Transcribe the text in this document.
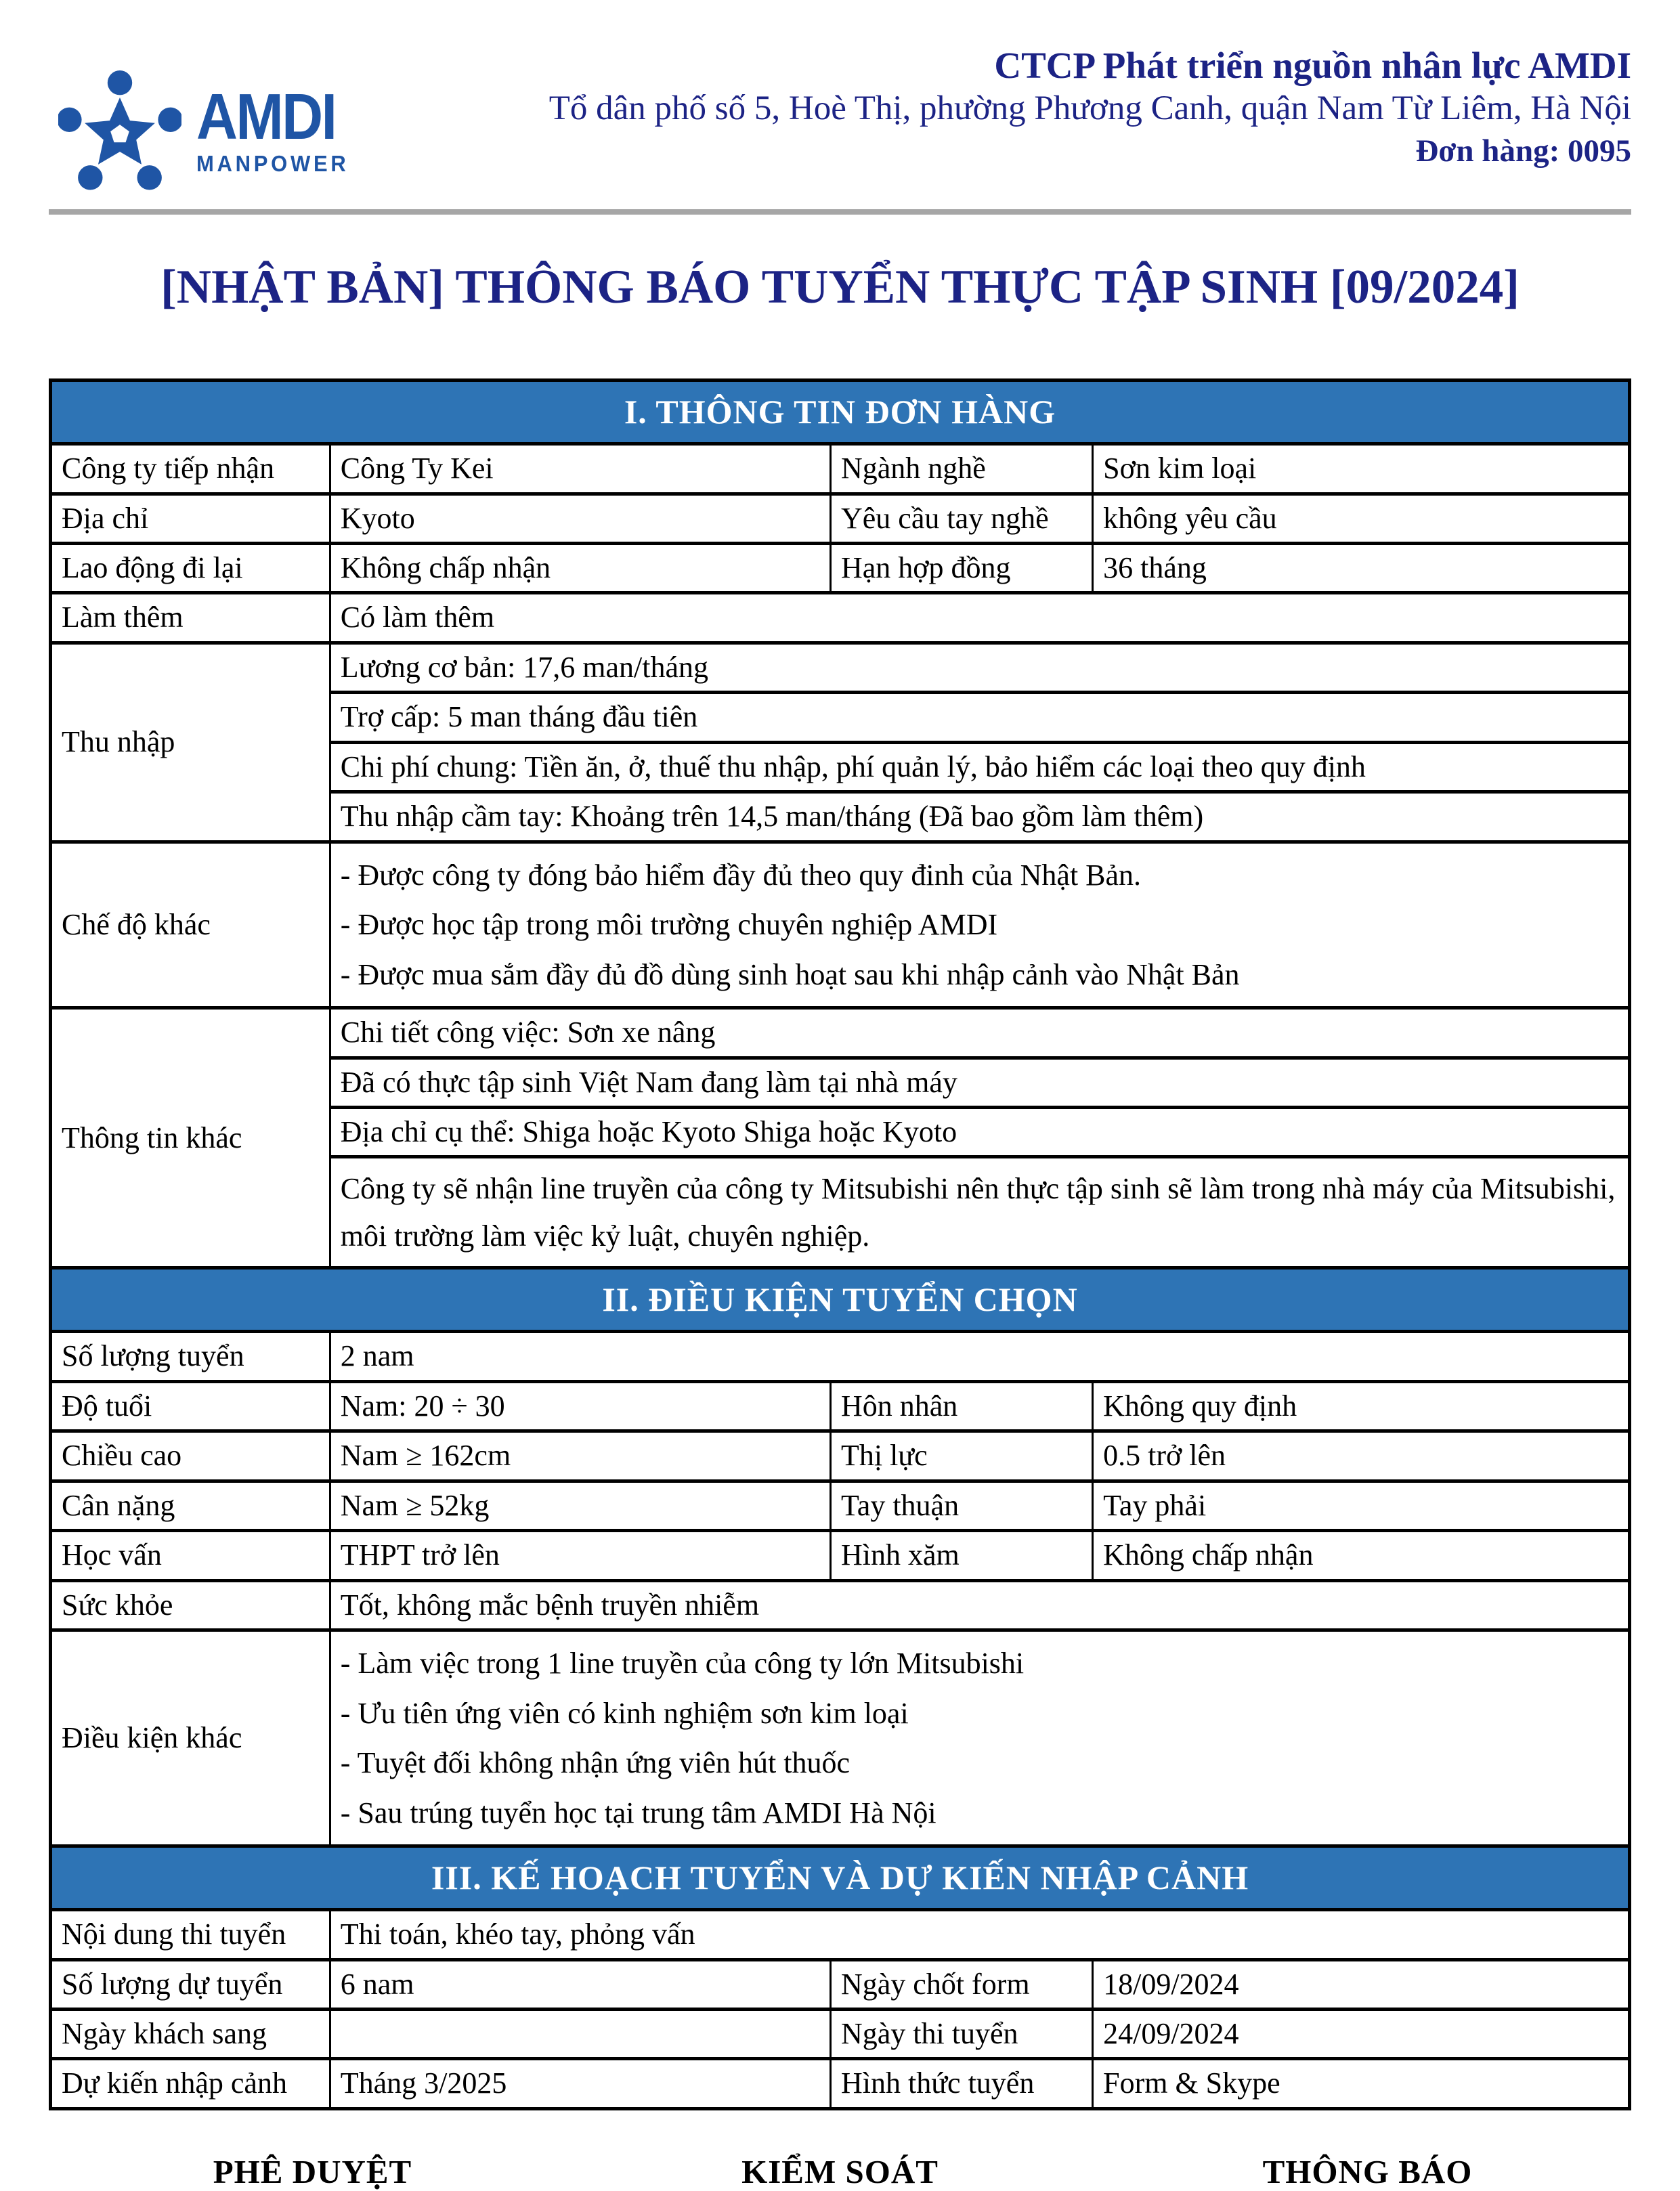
AMDI
MANPOWER
CTCP Phát triển nguồn nhân lực AMDI
Tổ dân phố số 5, Hoè Thị, phường Phương Canh, quận Nam Từ Liêm, Hà Nội
Đơn hàng: 0095
[NHẬT BẢN] THÔNG BÁO TUYỂN THỰC TẬP SINH [09/2024]
I. THÔNG TIN ĐƠN HÀNG			
Công ty tiếp nhận	Công Ty Kei	Ngành nghề	Sơn kim loại
Địa chỉ	Kyoto	Yêu cầu tay nghề	không yêu cầu
Lao động đi lại	Không chấp nhận	Hạn hợp đồng	36 tháng
Làm thêm	Có làm thêm		
Thu nhập	Lương cơ bản: 17,6 man/tháng		
	Trợ cấp: 5 man tháng đầu tiên		
	Chi phí chung: Tiền ăn, ở, thuế thu nhập, phí quản lý, bảo hiểm các loại theo quy định		
	Thu nhập cầm tay: Khoảng trên 14,5 man/tháng (Đã bao gồm làm thêm)		
Chế độ khác	- Được công ty đóng bảo hiểm đầy đủ theo quy đinh của Nhật Bản.
- Được học tập trong môi trường chuyên nghiệp AMDI
- Được mua sắm đầy đủ đồ dùng sinh hoạt sau khi nhập cảnh vào Nhật Bản		

Thông tin khác	Chi tiết công việc: Sơn xe nâng		
	Đã có thực tập sinh Việt Nam đang làm tại nhà máy		
	Địa chỉ cụ thể: Shiga hoặc Kyoto Shiga hoặc Kyoto		
	Công ty sẽ nhận line truyền của công ty Mitsubishi nên thực tập sinh sẽ làm trong nhà máy của Mitsubishi, môi trường làm việc kỷ luật, chuyên nghiệp.		
II. ĐIỀU KIỆN TUYỂN CHỌN			
Số lượng tuyển	2 nam		
Độ tuổi	Nam: 20 ÷ 30	Hôn nhân	Không quy định
Chiều cao	Nam ≥ 162cm	Thị lực	0.5 trở lên
Cân nặng	Nam ≥ 52kg	Tay thuận	Tay phải
Học vấn	THPT trở lên	Hình xăm	Không chấp nhận
Sức khỏe	Tốt, không mắc bệnh truyền nhiễm		
Điều kiện khác	- Làm việc trong 1 line truyền của công ty lớn Mitsubishi
- Ưu tiên ứng viên có kinh nghiệm sơn kim loại
- Tuyệt đối không nhận ứng viên hút thuốc
- Sau trúng tuyển học tại trung tâm AMDI Hà Nội		

III. KẾ HOẠCH TUYỂN VÀ DỰ KIẾN NHẬP CẢNH			
Nội dung thi tuyển	Thi toán, khéo tay, phỏng vấn		
Số lượng dự tuyển	6 nam	Ngày chốt form	18/09/2024
Ngày khách sang		Ngày thi tuyển	24/09/2024
Dự kiến nhập cảnh	Tháng 3/2025	Hình thức tuyển	Form & Skype
PHÊ DUYỆT	KIỂM SOÁT	THÔNG BÁO
